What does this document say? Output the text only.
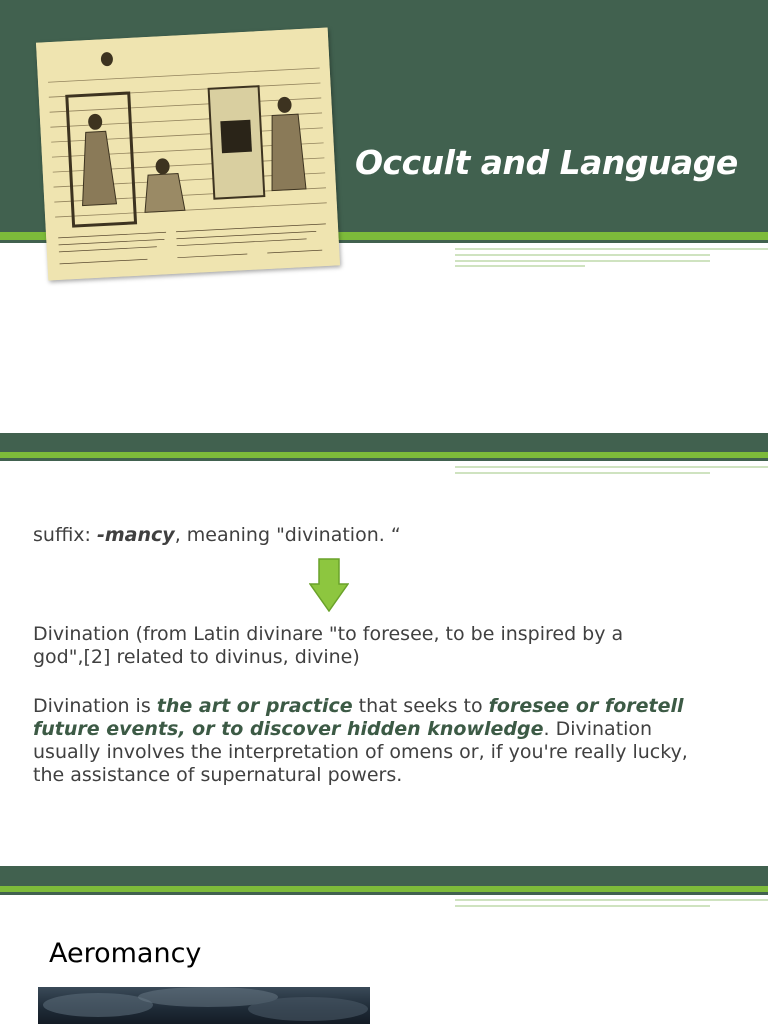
Occult and Language
suffix: -mancy, meaning "divination. “
Divination (from Latin divinare "to foresee, to be inspired by a
god",[2] related to divinus, divine)
Divination is the art or practice that seeks to foresee or foretell
future events, or to discover hidden knowledge. Divination
usually involves the interpretation of omens or, if you're really lucky,
the assistance of supernatural powers.
Aeromancy
